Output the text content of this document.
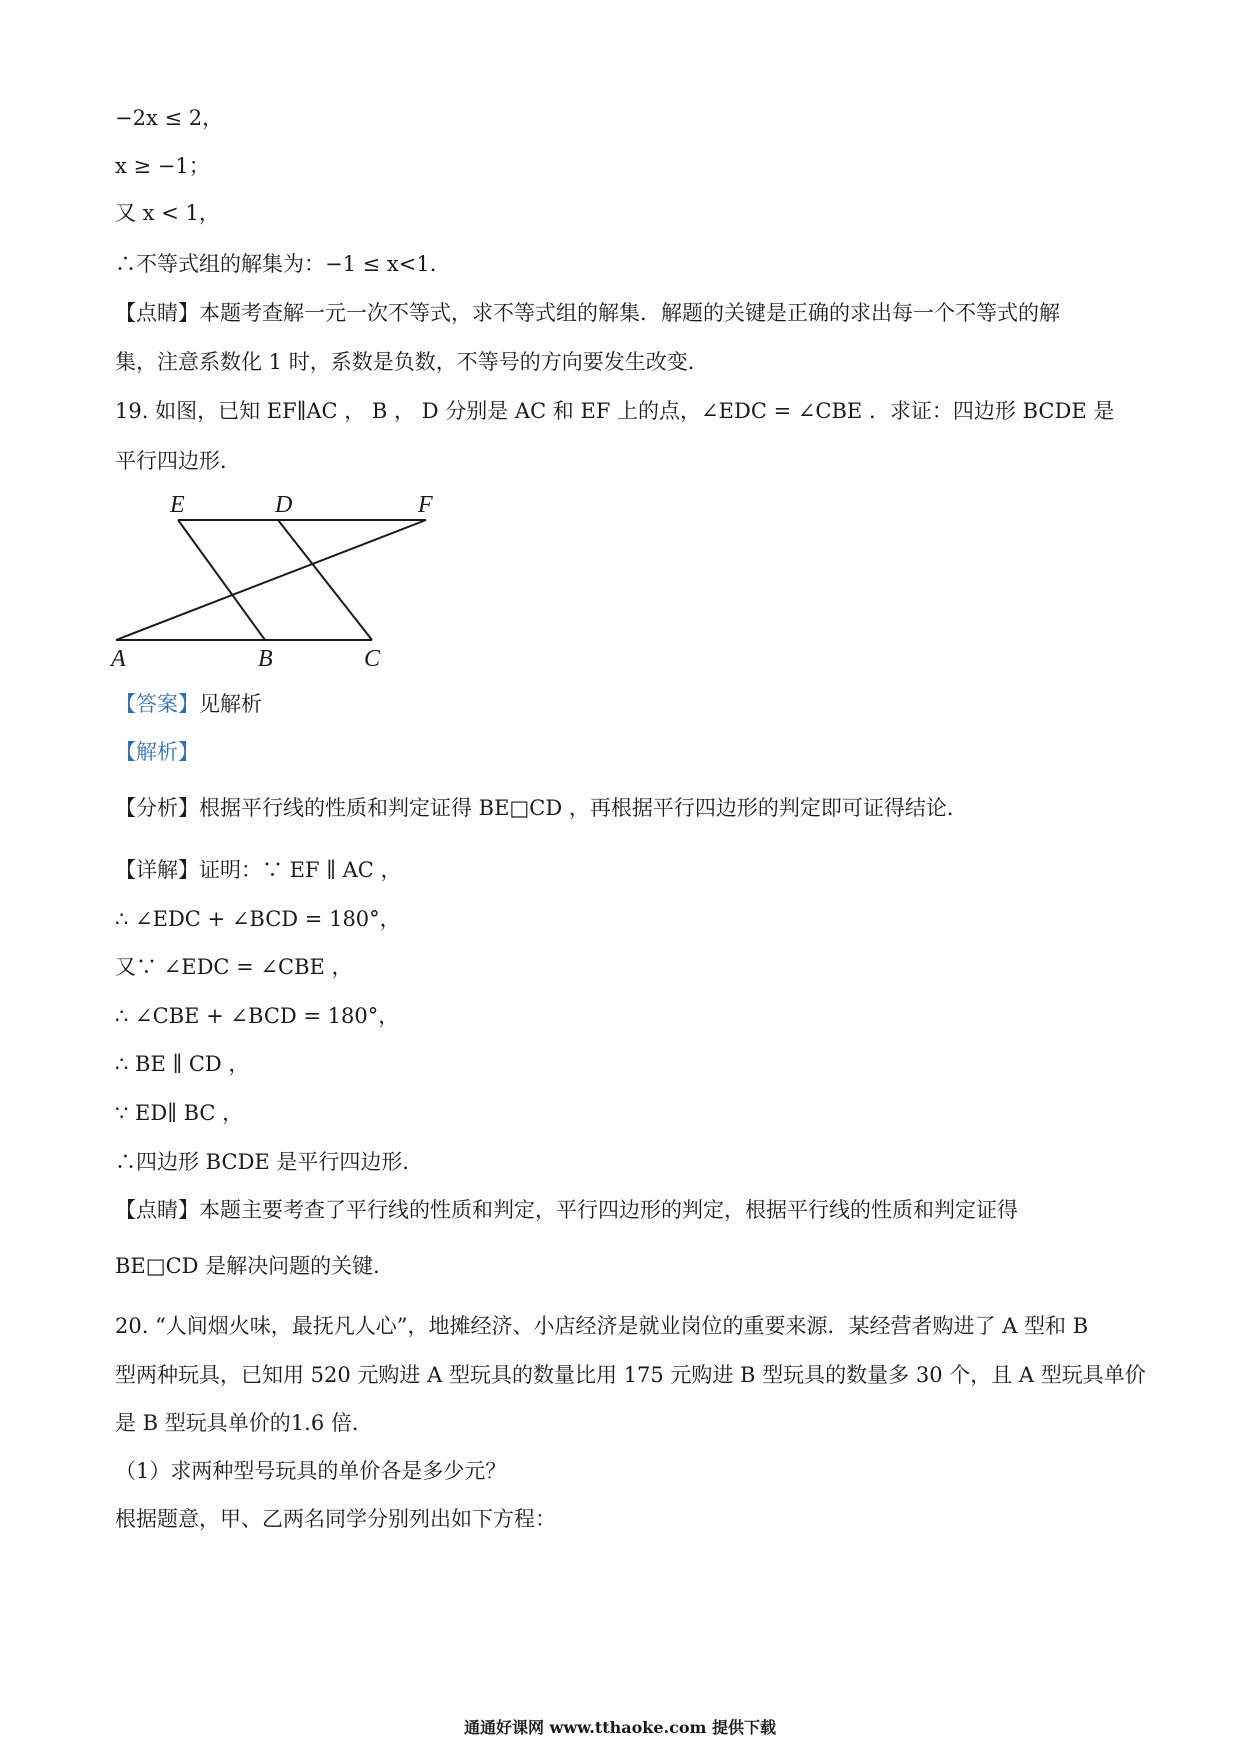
−2x ≤ 2，
x ≥ −1；
又 x < 1，
∴不等式组的解集为：−1 ≤ x<1．
【点睛】本题考查解一元一次不等式，求不等式组的解集．解题的关键是正确的求出每一个不等式的解
集，注意系数化 1 时，系数是负数，不等号的方向要发生改变．
19. 如图，已知 EF∥AC ， B ， D 分别是 AC 和 EF 上的点，∠EDC = ∠CBE ．求证：四边形 BCDE 是
平行四边形．
E	D	F
A	B	C
【答案】见解析
【解析】
【分析】根据平行线的性质和判定证得 BE□CD ，再根据平行四边形的判定即可证得结论．
【详解】证明：∵ EF ∥ AC ，
∴ ∠EDC + ∠BCD = 180°，
又∵ ∠EDC = ∠CBE ，
∴ ∠CBE + ∠BCD = 180°，
∴ BE ∥ CD ，
∵ ED∥ BC ，
∴四边形 BCDE 是平行四边形．
【点睛】本题主要考查了平行线的性质和判定，平行四边形的判定，根据平行线的性质和判定证得
BE□CD 是解决问题的关键．
20. “人间烟火味，最抚凡人心”，地摊经济、小店经济是就业岗位的重要来源．某经营者购进了 A 型和 B
型两种玩具，已知用 520 元购进 A 型玩具的数量比用 175 元购进 B 型玩具的数量多 30 个，且 A 型玩具单价
是 B 型玩具单价的1.6 倍．
（1）求两种型号玩具的单价各是多少元？
根据题意，甲、乙两名同学分别列出如下方程：
通通好课网 www.tthaoke.com 提供下载
